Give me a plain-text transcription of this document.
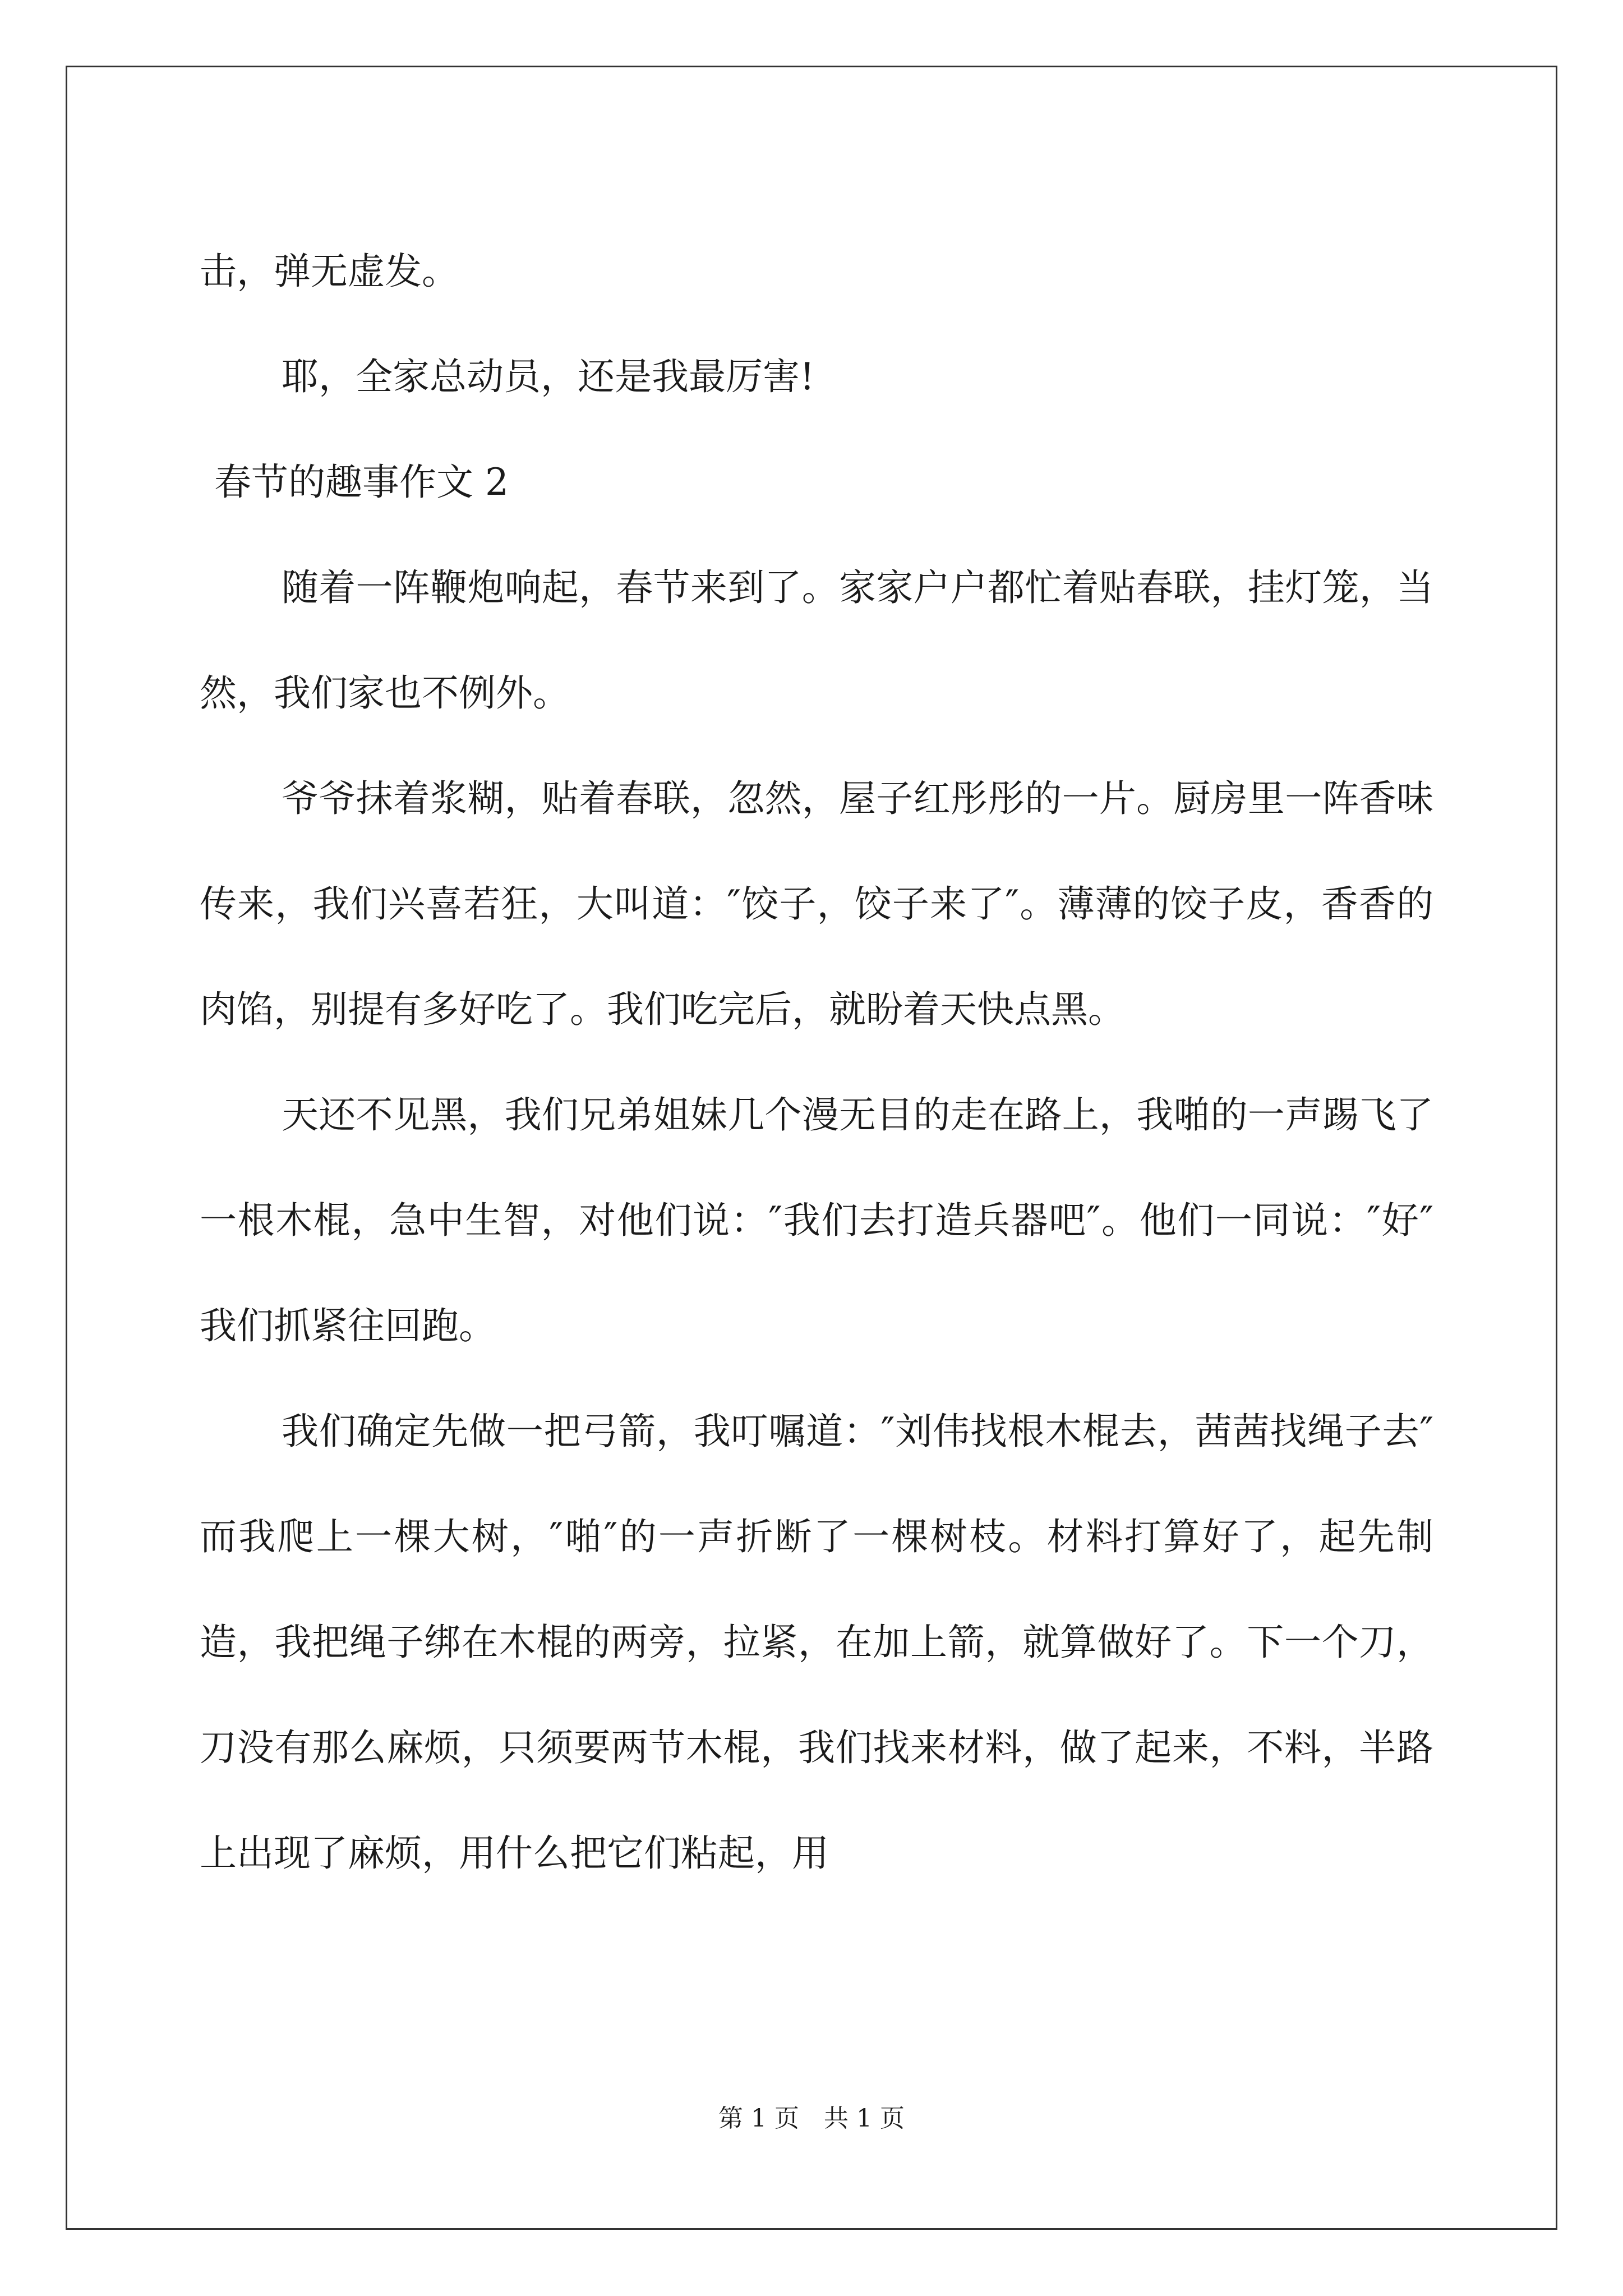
击，弹无虚发。

耶，全家总动员，还是我最厉害!

春节的趣事作文 2

随着一阵鞭炮响起，春节来到了。家家户户都忙着贴春联，挂灯笼，当然，我们家也不例外。

爷爷抹着浆糊，贴着春联，忽然，屋子红彤彤的一片。厨房里一阵香味传来，我们兴喜若狂，大叫道：″饺子，饺子来了″。薄薄的饺子皮，香香的肉馅，别提有多好吃了。我们吃完后，就盼着天快点黑。

天还不见黑，我们兄弟姐妹几个漫无目的走在路上，我啪的一声踢飞了一根木棍，急中生智，对他们说：″我们去打造兵器吧″。他们一同说：″好″我们抓紧往回跑。

我们确定先做一把弓箭，我叮嘱道：″刘伟找根木棍去，茜茜找绳子去″而我爬上一棵大树，″啪″的一声折断了一棵树枝。材料打算好了，起先制造，我把绳子绑在木棍的两旁，拉紧，在加上箭，就算做好了。下一个刀，刀没有那么麻烦，只须要两节木棍，我们找来材料，做了起来，不料，半路上出现了麻烦，用什么把它们粘起，用

第 1 页　共 1 页
